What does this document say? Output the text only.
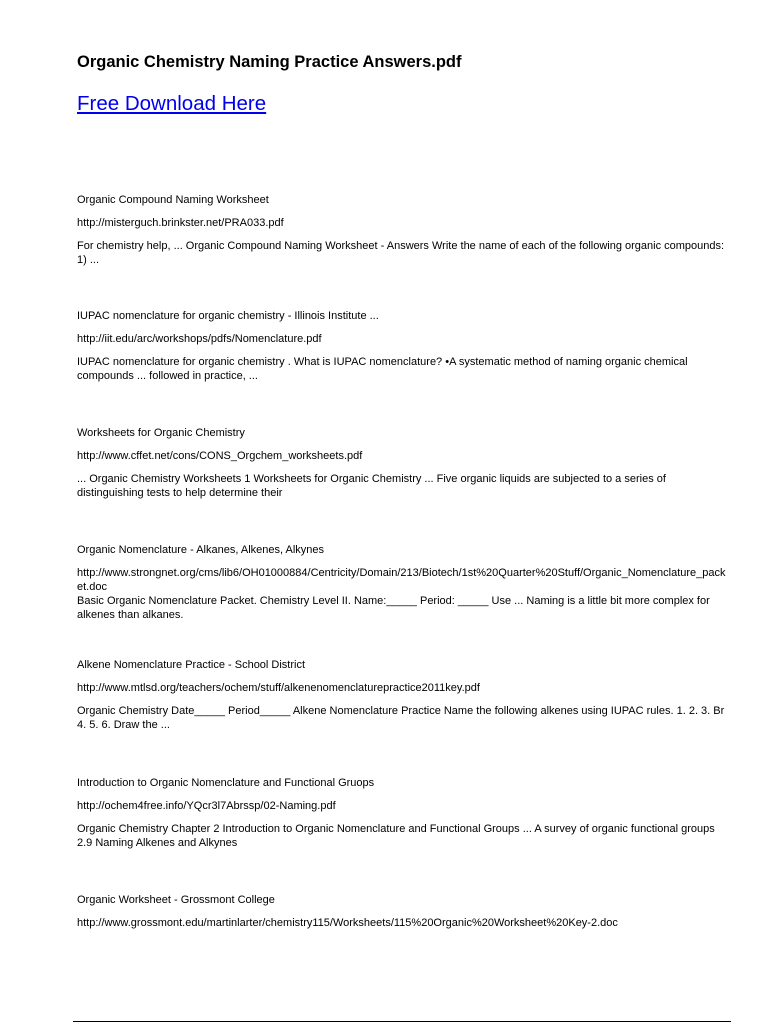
Organic Chemistry Naming Practice Answers.pdf
Free Download Here
Organic Compound Naming Worksheet
http://misterguch.brinkster.net/PRA033.pdf
For chemistry help, ... Organic Compound Naming Worksheet - Answers Write the name of each of the following organic compounds: 1) ...
IUPAC nomenclature for organic chemistry - Illinois Institute ...
http://iit.edu/arc/workshops/pdfs/Nomenclature.pdf
IUPAC nomenclature for organic chemistry . What is IUPAC nomenclature? •A systematic method of naming organic chemical compounds ... followed in practice, ...
Worksheets for Organic Chemistry
http://www.cffet.net/cons/CONS_Orgchem_worksheets.pdf
... Organic Chemistry Worksheets 1 Worksheets for Organic Chemistry ... Five organic liquids are subjected to a series of distinguishing tests to help determine their
Organic Nomenclature - Alkanes, Alkenes, Alkynes
http://www.strongnet.org/cms/lib6/OH01000884/Centricity/Domain/213/Biotech/1st%20Quarter%20Stuff/Organic_Nomenclature_packet.doc
Basic Organic Nomenclature Packet. Chemistry Level II. Name:_____ Period: _____ Use ... Naming is a little bit more complex for alkenes than alkanes.
Alkene Nomenclature Practice - School District
http://www.mtlsd.org/teachers/ochem/stuff/alkenenomenclaturepractice2011key.pdf
Organic Chemistry Date_____ Period_____ Alkene Nomenclature Practice Name the following alkenes using IUPAC rules. 1. 2. 3. Br 4. 5. 6. Draw the ...
Introduction to Organic Nomenclature and Functional Gruops
http://ochem4free.info/YQcr3l7Abrssp/02-Naming.pdf
Organic Chemistry Chapter 2 Introduction to Organic Nomenclature and Functional Groups ... A survey of organic functional groups 2.9 Naming Alkenes and Alkynes
Organic Worksheet - Grossmont College
http://www.grossmont.edu/martinlarter/chemistry115/Worksheets/115%20Organic%20Worksheet%20Key-2.doc
